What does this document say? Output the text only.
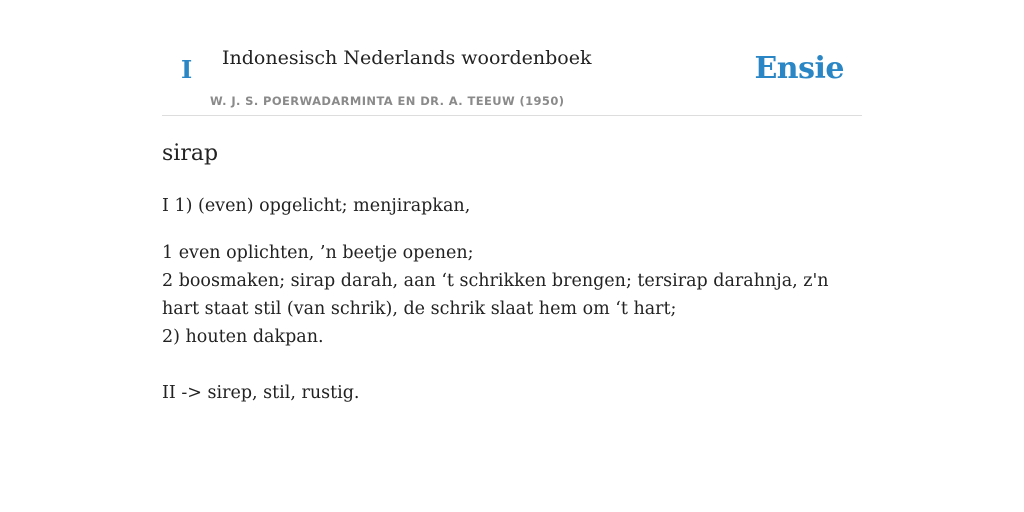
I Indonesisch Nederlands woordenboek
W. J. S. POERWADARMINTA EN DR. A. TEEUW (1950)
Ensie
sirap
I 1) (even) opgelicht; menjirapkan,
1 even oplichten, ’n beetje openen;
2 boosmaken; sirap darah, aan ‘t schrikken brengen; tersirap darahnja, z'n hart staat stil (van schrik), de schrik slaat hem om ‘t hart;
2) houten dakpan.
II -> sirep, stil, rustig.
